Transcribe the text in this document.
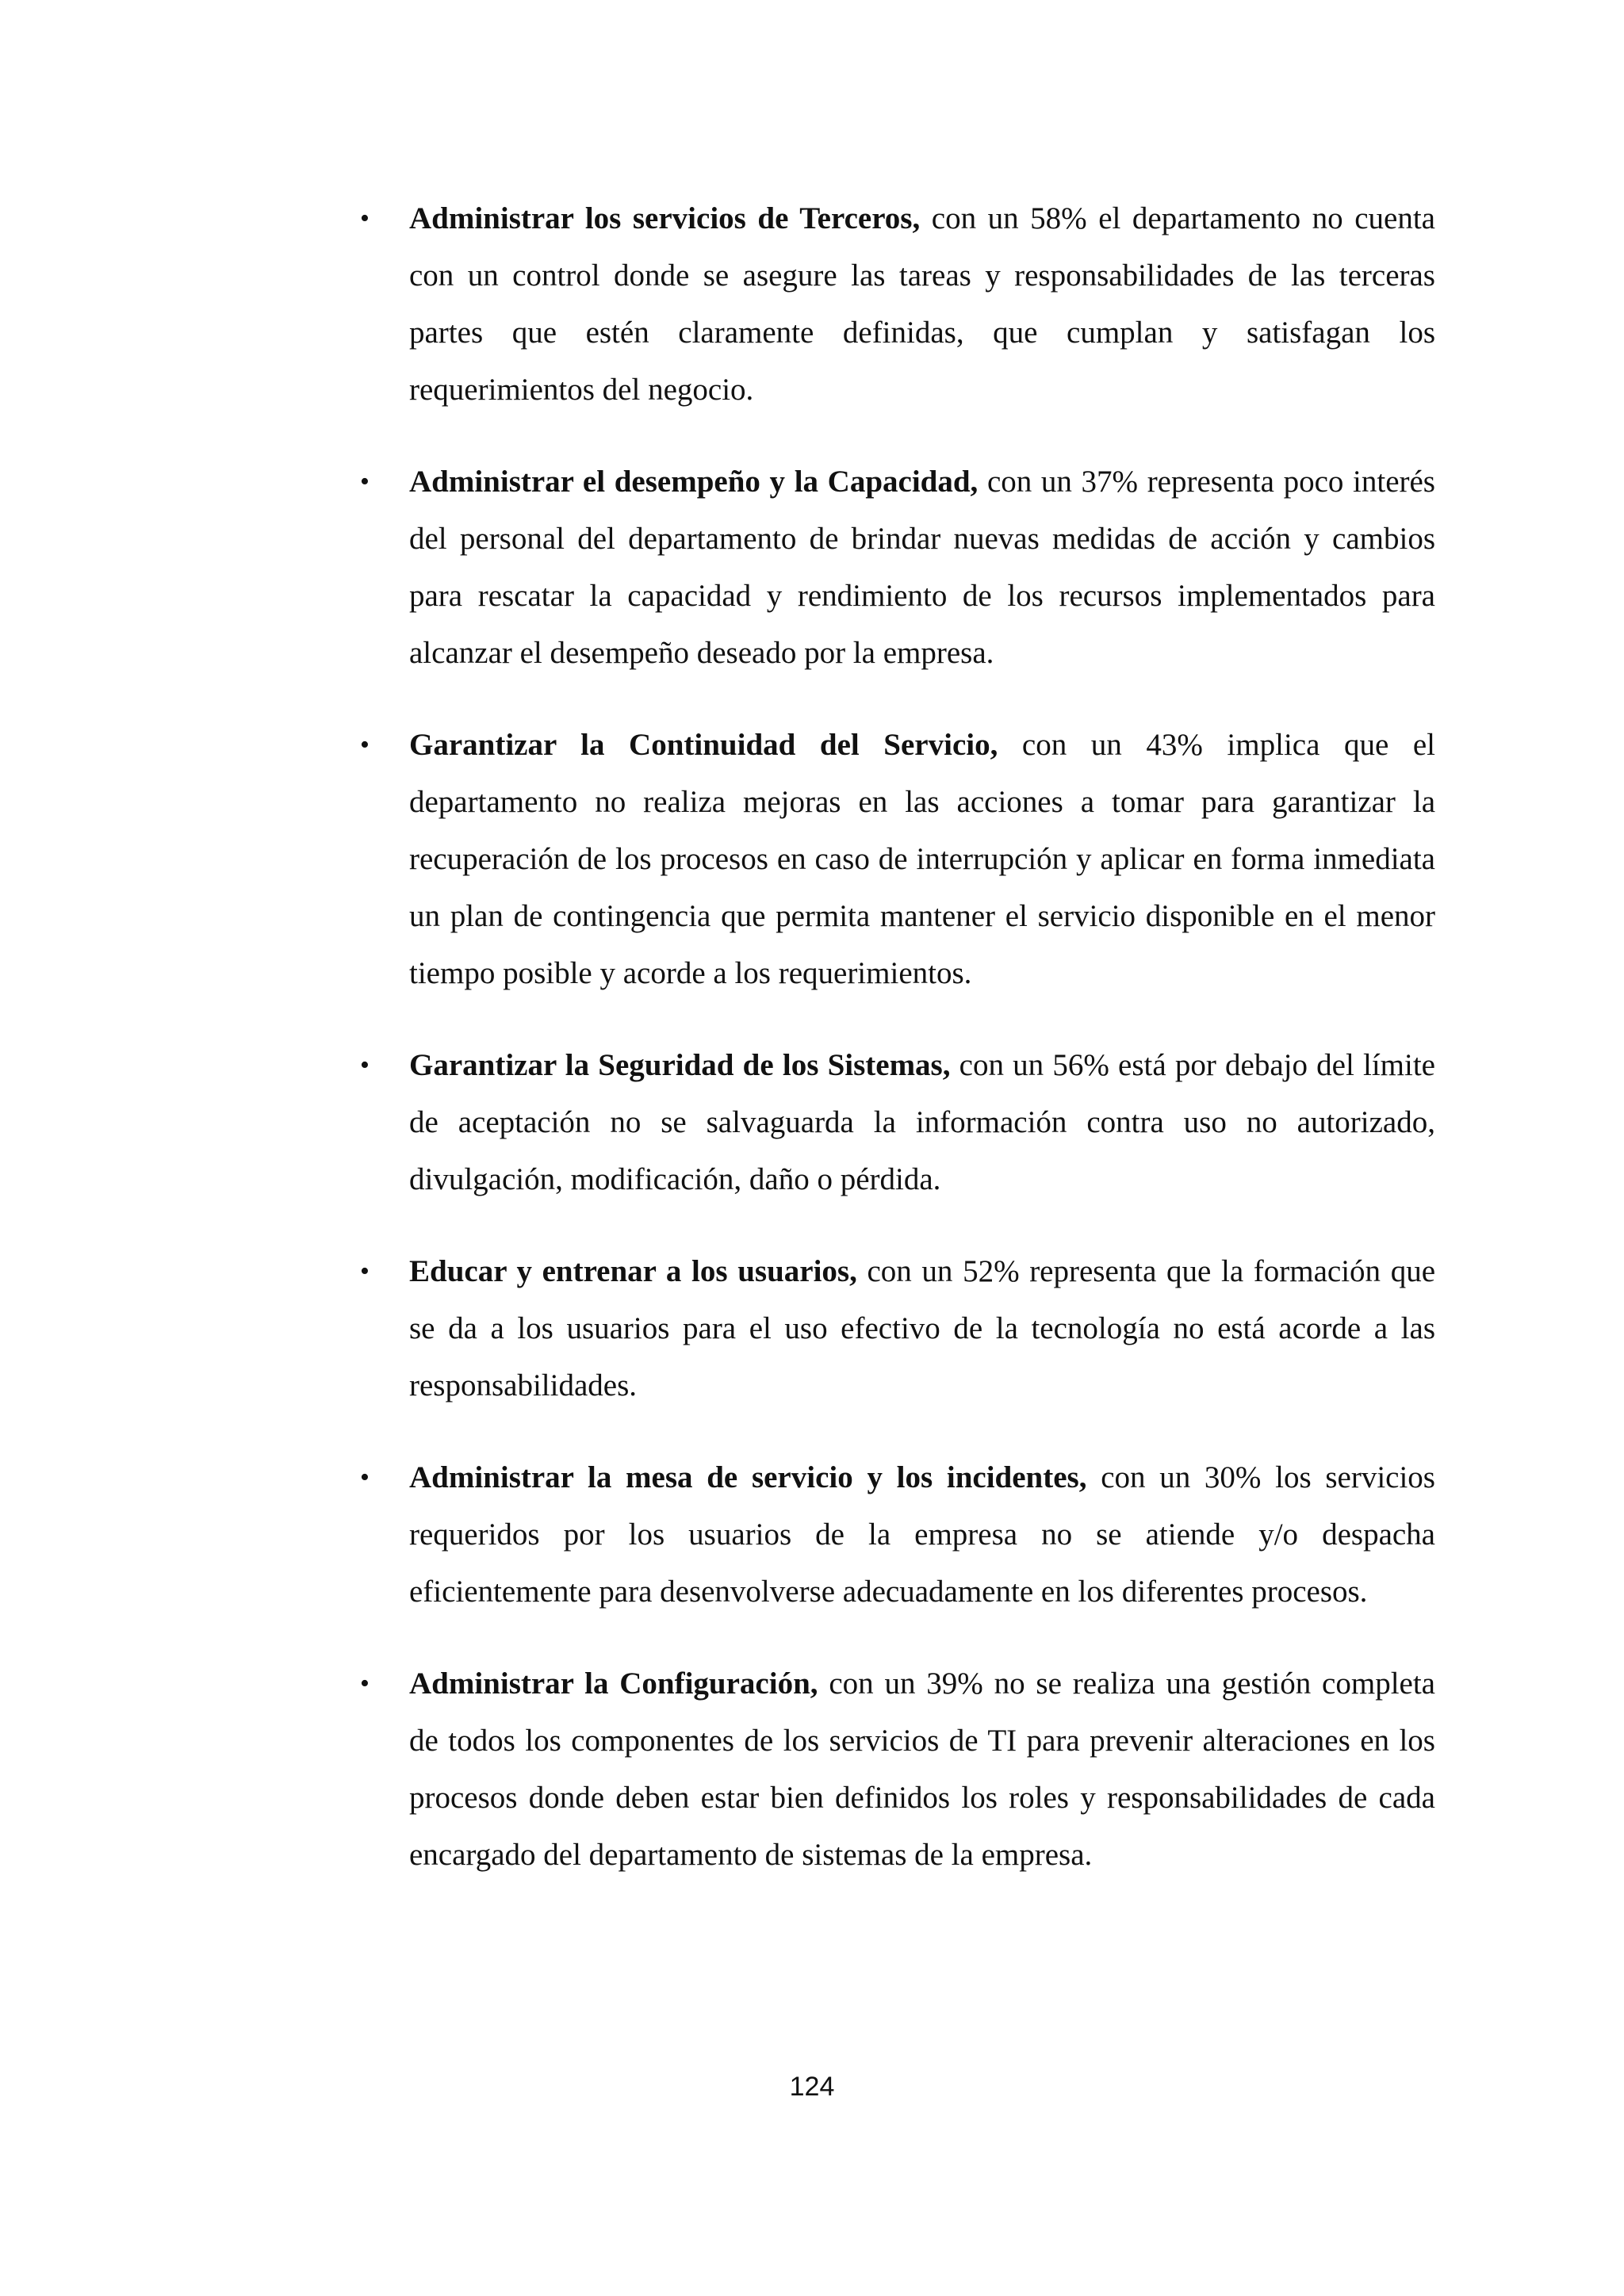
• Administrar los servicios de Terceros, con un 58% el departamento no cuenta con un control donde se asegure las tareas y responsabilidades de las terceras partes que estén claramente definidas, que cumplan y satisfagan los requerimientos del negocio.
• Administrar el desempeño y la Capacidad, con un 37% representa poco interés del personal del departamento de brindar nuevas medidas de acción y cambios para rescatar la capacidad y rendimiento de los recursos implementados para alcanzar el desempeño deseado por la empresa.
• Garantizar la Continuidad del Servicio, con un 43% implica que el departamento no realiza mejoras en las acciones a tomar para garantizar la recuperación de los procesos en caso de interrupción y aplicar en forma inmediata un plan de contingencia que permita mantener el servicio disponible en el menor tiempo posible y acorde a los requerimientos.
• Garantizar la Seguridad de los Sistemas, con un 56% está por debajo del límite de aceptación no se salvaguarda la información contra uso no autorizado, divulgación, modificación, daño o pérdida.
• Educar y entrenar a los usuarios, con un 52% representa que la formación que se da a los usuarios para el uso efectivo de la tecnología no está acorde a las responsabilidades.
• Administrar la mesa de servicio y los incidentes, con un 30% los servicios requeridos por los usuarios de la empresa no se atiende y/o despacha eficientemente para desenvolverse adecuadamente en los diferentes procesos.
• Administrar la Configuración, con un 39% no se realiza una gestión completa de todos los componentes de los servicios de TI para prevenir alteraciones en los procesos donde deben estar bien definidos los roles y responsabilidades de cada encargado del departamento de sistemas de la empresa.
124
